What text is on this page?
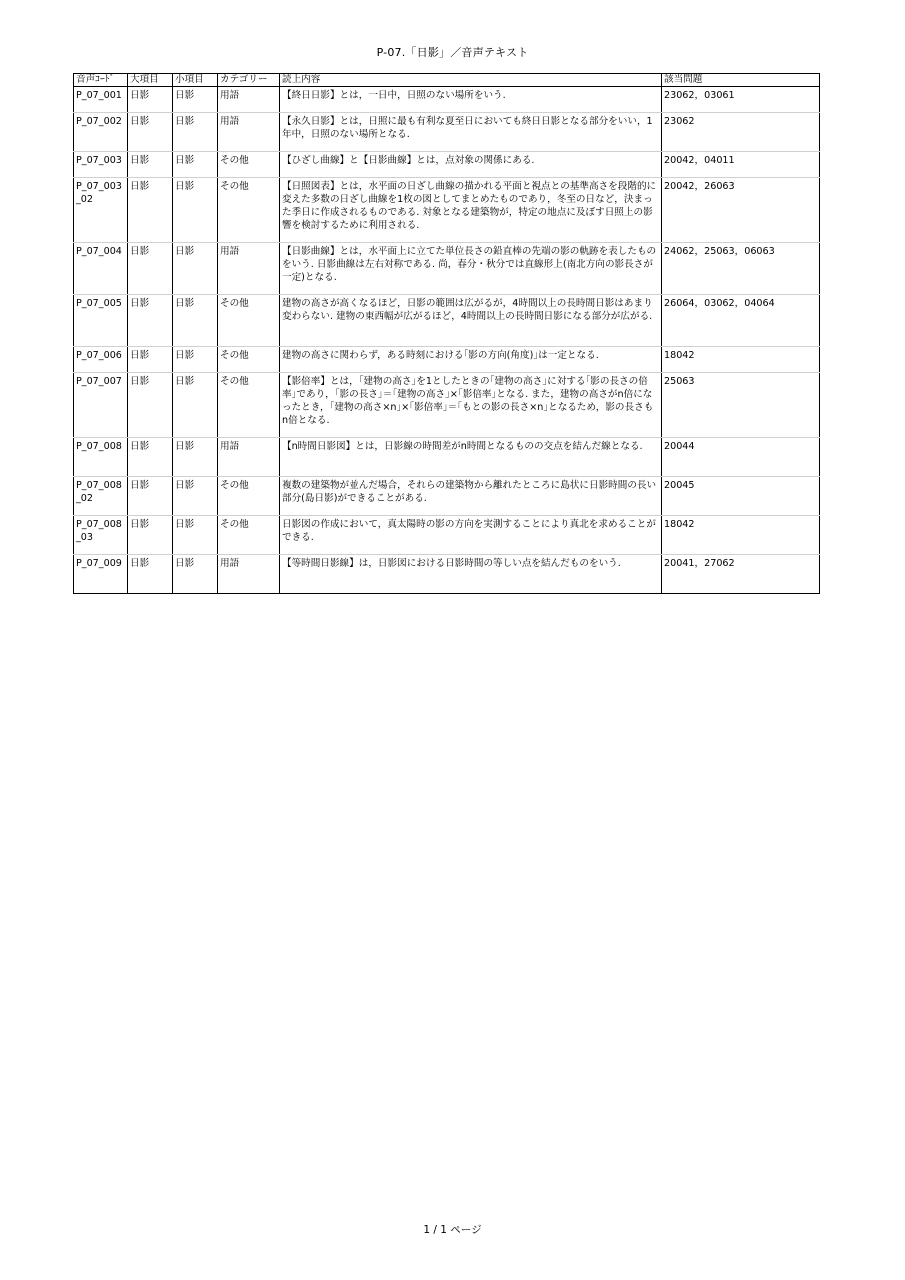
P-07.「日影」／音声テキスト
音声ｺｰﾄﾞ	大項目	小項目	カテゴリー	読上内容	該当問題
P_07_001	日影	日影	用語	【終日日影】とは，一日中，日照のない場所をいう.	23062，03061
P_07_002	日影	日影	用語	【永久日影】とは，日照に最も有利な夏至日においても終日日影となる部分をいい，1年中，日照のない場所となる.	23062
P_07_003	日影	日影	その他	【ひざし曲線】と【日影曲線】とは，点対象の関係にある.	20042，04011
P_07_003_02	日影	日影	その他	【日照図表】とは，水平面の日ざし曲線の描かれる平面と視点との基準高さを段階的に変えた多数の日ざし曲線を1枚の図としてまとめたものであり，冬至の日など，決まった季日に作成されるものである. 対象となる建築物が，特定の地点に及ぼす日照上の影響を検討するために利用される.	20042，26063
P_07_004	日影	日影	用語	【日影曲線】とは，水平面上に立てた単位長さの鉛直棒の先端の影の軌跡を表したものをいう. 日影曲線は左右対称である. 尚，春分・秋分では直線形上(南北方向の影長さが一定)となる.	24062，25063，06063
P_07_005	日影	日影	その他	建物の高さが高くなるほど，日影の範囲は広がるが，4時間以上の長時間日影はあまり変わらない. 建物の東西幅が広がるほど，4時間以上の長時間日影になる部分が広がる.	26064，03062，04064
P_07_006	日影	日影	その他	建物の高さに関わらず，ある時刻における｢影の方向(角度)｣は一定となる.	18042
P_07_007	日影	日影	その他	【影倍率】とは，｢建物の高さ｣を1としたときの｢建物の高さ｣に対する｢影の長さの倍率｣であり，｢影の長さ｣＝｢建物の高さ｣×｢影倍率｣となる. また，建物の高さがn倍になったとき，｢建物の高さ×n｣×｢影倍率｣＝｢もとの影の長さ×n｣となるため，影の長さもn倍となる.	25063
P_07_008	日影	日影	用語	【n時間日影図】とは，日影線の時間差がn時間となるものの交点を結んだ線となる.	20044
P_07_008_02	日影	日影	その他	複数の建築物が並んだ場合，それらの建築物から離れたところに島状に日影時間の長い部分(島日影)ができることがある.	20045
P_07_008_03	日影	日影	その他	日影図の作成において，真太陽時の影の方向を実測することにより真北を求めることができる.	18042
P_07_009	日影	日影	用語	【等時間日影線】は，日影図における日影時間の等しい点を結んだものをいう.	20041，27062
1 / 1 ページ
